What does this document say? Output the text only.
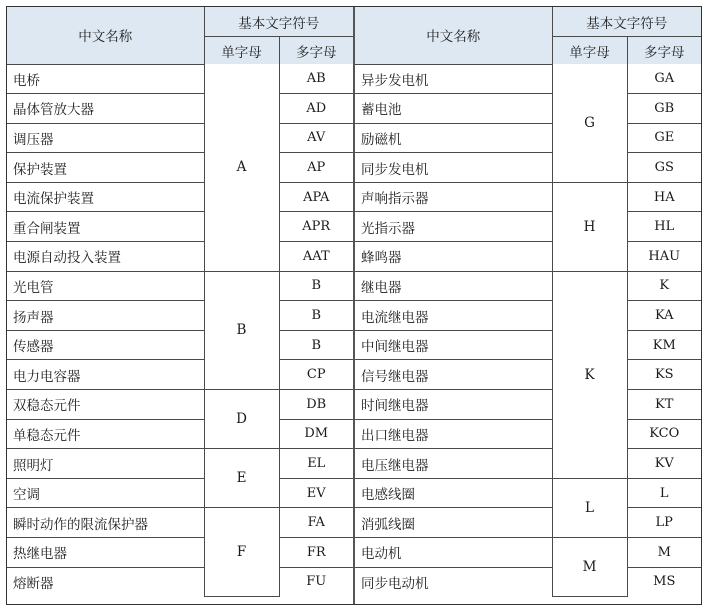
中文名称	基本文字符号	
	单字母	多字母
电桥	A	AB
晶体管放大器		AD
调压器		AV
保护装置		AP
电流保护装置		APA
重合闸装置		APR
电源自动投入装置		AAT
光电管	B	B
扬声器		B
传感器		B
电力电容器		CP
双稳态元件	D	DB
单稳态元件		DM
照明灯	E	EL
空调		EV
瞬时动作的限流保护器	F	FA
热继电器		FR
熔断器		FU
中文名称	基本文字符号	
	单字母	多字母
异步发电机	G	GA
蓄电池		GB
励磁机		GE
同步发电机		GS
声响指示器	H	HA
光指示器		HL
蜂鸣器		HAU
继电器	K	K
电流继电器		KA
中间继电器		KM
信号继电器		KS
时间继电器		KT
出口继电器		KCO
电压继电器		KV
电感线圈	L	L
消弧线圈		LP
电动机	M	M
同步电动机		MS
